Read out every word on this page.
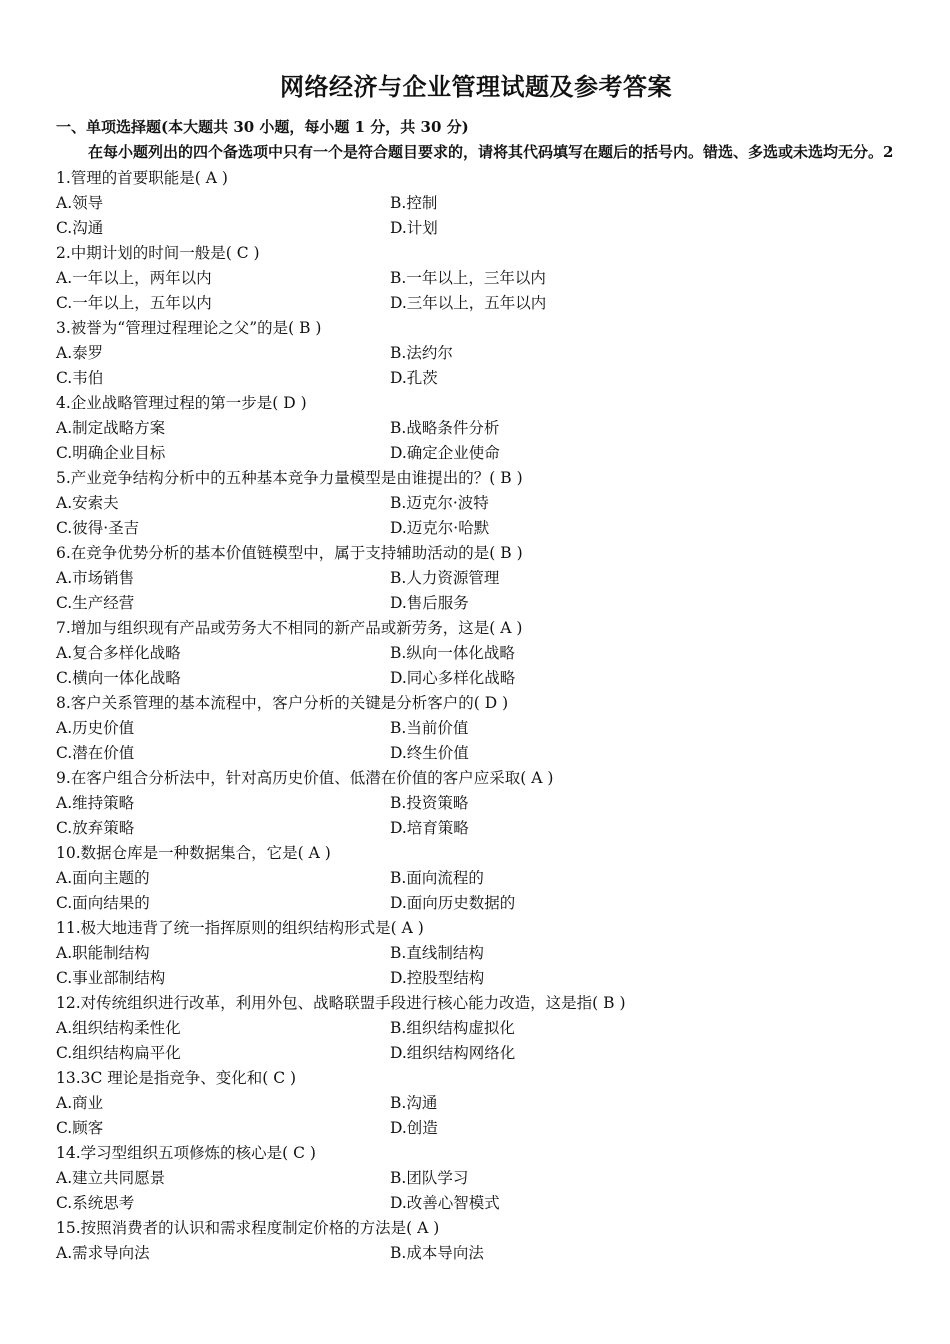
网络经济与企业管理试题及参考答案
一、单项选择题(本大题共 30 小题，每小题 1 分，共 30 分)
在每小题列出的四个备选项中只有一个是符合题目要求的，请将其代码填写在题后的括号内。错选、多选或未选均无分。2
1.管理的首要职能是( A )
A.领导	B.控制
C.沟通	D.计划
2.中期计划的时间一般是( C )
A.一年以上，两年以内	B.一年以上，三年以内
C.一年以上，五年以内	D.三年以上，五年以内
3.被誉为“管理过程理论之父”的是( B )
A.泰罗	B.法约尔
C.韦伯	D.孔茨
4.企业战略管理过程的第一步是( D )
A.制定战略方案	B.战略条件分析
C.明确企业目标	D.确定企业使命
5.产业竞争结构分析中的五种基本竞争力量模型是由谁提出的？( B )
A.安索夫	B.迈克尔·波特
C.彼得·圣吉	D.迈克尔·哈默
6.在竞争优势分析的基本价值链模型中，属于支持辅助活动的是( B )
A.市场销售	B.人力资源管理
C.生产经营	D.售后服务
7.增加与组织现有产品或劳务大不相同的新产品或新劳务，这是( A )
A.复合多样化战略	B.纵向一体化战略
C.横向一体化战略	D.同心多样化战略
8.客户关系管理的基本流程中，客户分析的关键是分析客户的( D )
A.历史价值	B.当前价值
C.潜在价值	D.终生价值
9.在客户组合分析法中，针对高历史价值、低潜在价值的客户应采取( A )
A.维持策略	B.投资策略
C.放弃策略	D.培育策略
10.数据仓库是一种数据集合，它是( A )
A.面向主题的	B.面向流程的
C.面向结果的	D.面向历史数据的
11.极大地违背了统一指挥原则的组织结构形式是( A )
A.职能制结构	B.直线制结构
C.事业部制结构	D.控股型结构
12.对传统组织进行改革，利用外包、战略联盟手段进行核心能力改造，这是指( B )
A.组织结构柔性化	B.组织结构虚拟化
C.组织结构扁平化	D.组织结构网络化
13.3C 理论是指竞争、变化和( C )
A.商业	B.沟通
C.顾客	D.创造
14.学习型组织五项修炼的核心是( C )
A.建立共同愿景	B.团队学习
C.系统思考	D.改善心智模式
15.按照消费者的认识和需求程度制定价格的方法是( A )
A.需求导向法	B.成本导向法
